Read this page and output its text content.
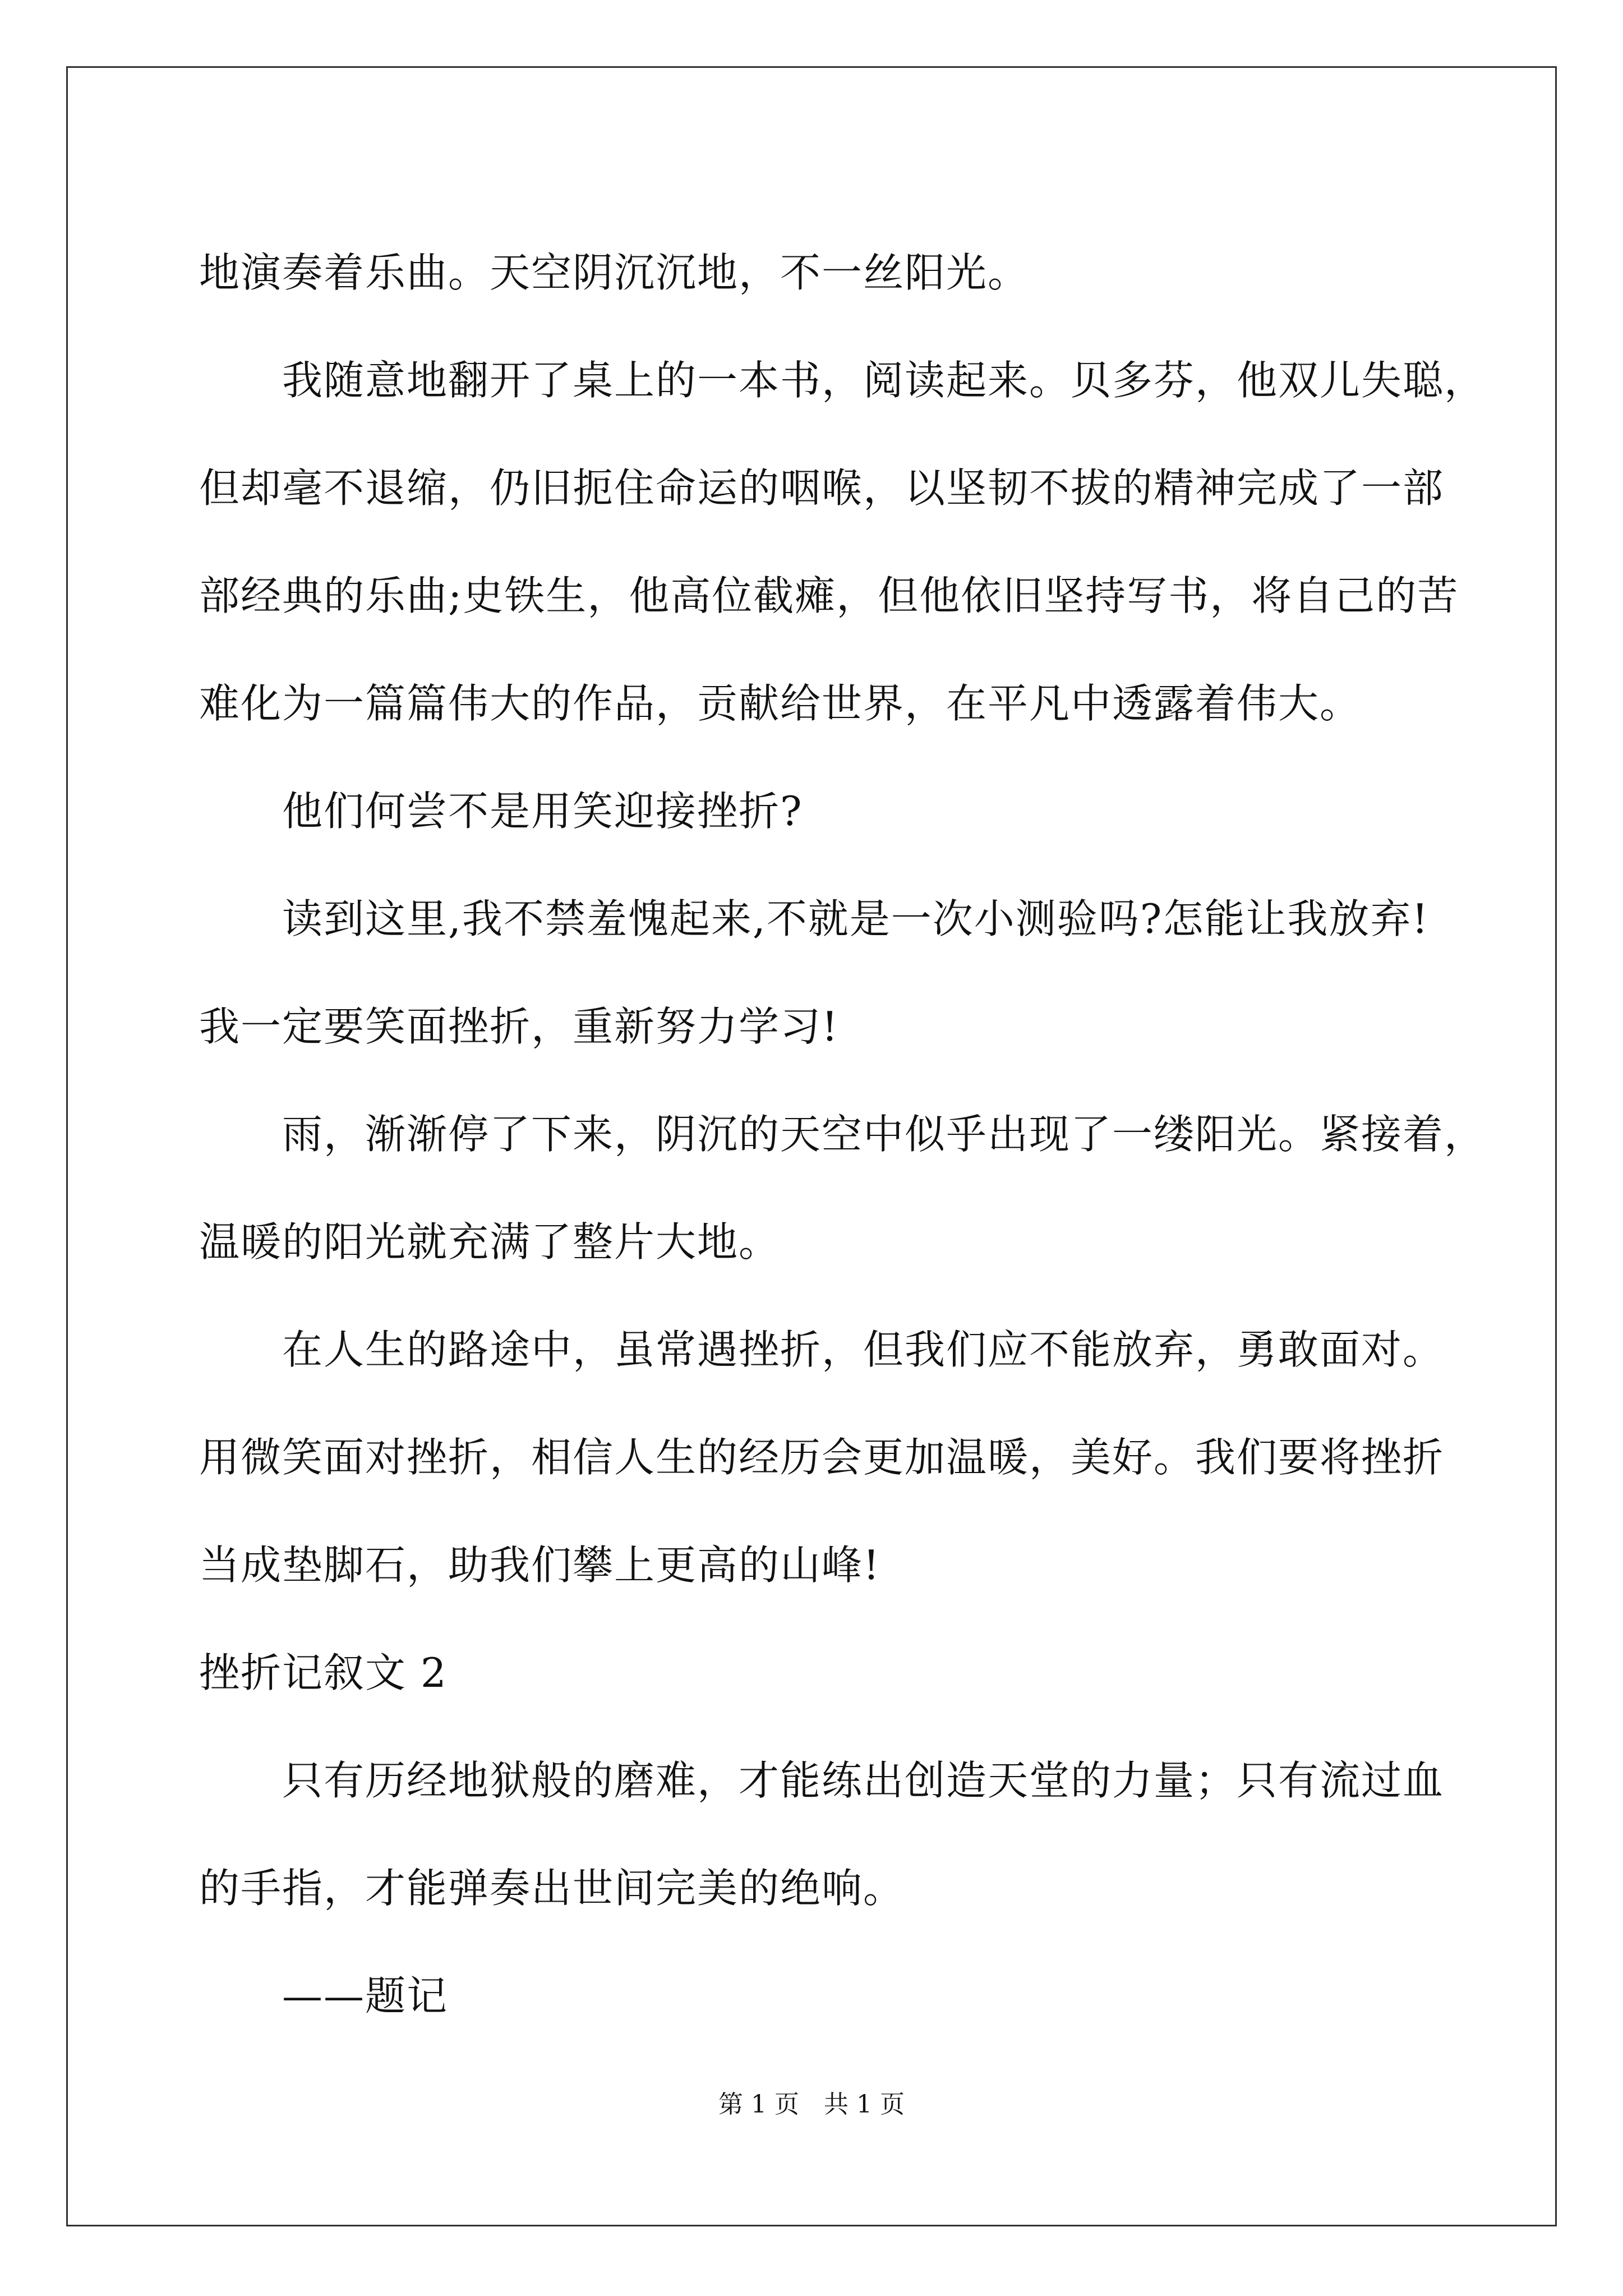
地演奏着乐曲。天空阴沉沉地，不一丝阳光。
我随意地翻开了桌上的一本书，阅读起来。贝多芬，他双儿失聪，
但却毫不退缩，仍旧扼住命运的咽喉，以坚韧不拔的精神完成了一部
部经典的乐曲;史铁生，他高位截瘫，但他依旧坚持写书，将自己的苦
难化为一篇篇伟大的作品，贡献给世界，在平凡中透露着伟大。
他们何尝不是用笑迎接挫折?
读到这里,我不禁羞愧起来,不就是一次小测验吗?怎能让我放弃!
我一定要笑面挫折，重新努力学习!
雨，渐渐停了下来，阴沉的天空中似乎出现了一缕阳光。紧接着，
温暖的阳光就充满了整片大地。
在人生的路途中，虽常遇挫折，但我们应不能放弃，勇敢面对。
用微笑面对挫折，相信人生的经历会更加温暖，美好。我们要将挫折
当成垫脚石，助我们攀上更高的山峰!
挫折记叙文 2
只有历经地狱般的磨难，才能练出创造天堂的力量；只有流过血
的手指，才能弹奏出世间完美的绝响。
——题记
第 1 页　共 1 页
